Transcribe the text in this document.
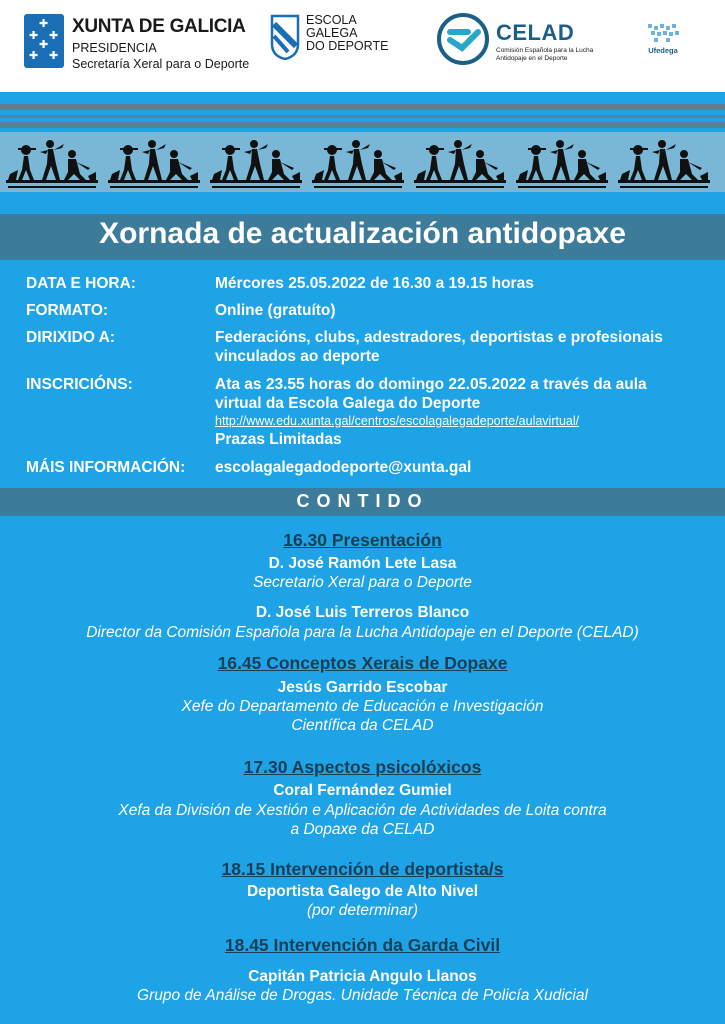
✚
✚ ✚
✚
✚ ✚
XUNTA DE GALICIA
PRESIDENCIA
Secretaría Xeral para o Deporte
ESCOLA
GALEGA
DO DEPORTE
CELAD
Comisión Española para la Lucha
Antidopaje en el Deporte
Ufedega
Xornada de actualización antidopaxe
DATA E HORA:	Mércores 25.05.2022 de 16.30 a 19.15 horas
FORMATO:	Online (gratuíto)
DIRIXIDO A:	Federacións, clubs, adestradores, deportistas e profesionais
vinculados ao deporte
INSCRICIÓNS:	Ata as 23.55 horas do domingo 22.05.2022 a través da aula
virtual da Escola Galega do Deporte
http://www.edu.xunta.gal/centros/escolagalegadeporte/aulavirtual/
Prazas Limitadas
MÁIS INFORMACIÓN: escolagalegadodeporte@xunta.gal
CONTIDO
16.30 Presentación
D. José Ramón Lete Lasa
Secretario Xeral para o Deporte
D. José Luis Terreros Blanco
Director da Comisión Española para la Lucha Antidopaje en el Deporte (CELAD)
16.45 Conceptos Xerais de Dopaxe
Jesús Garrido Escobar
Xefe do Departamento de Educación e Investigación
Científica da CELAD
17.30 Aspectos psicolóxicos
Coral Fernández Gumiel
Xefa da División de Xestión e Aplicación de Actividades de Loita contra
a Dopaxe da CELAD
18.15 Intervención de deportista/s
Deportista Galego de Alto Nivel
(por determinar)
18.45 Intervención da Garda Civil
Capitán Patricia Angulo Llanos
Grupo de Análise de Drogas. Unidade Técnica de Policía Xudicial
